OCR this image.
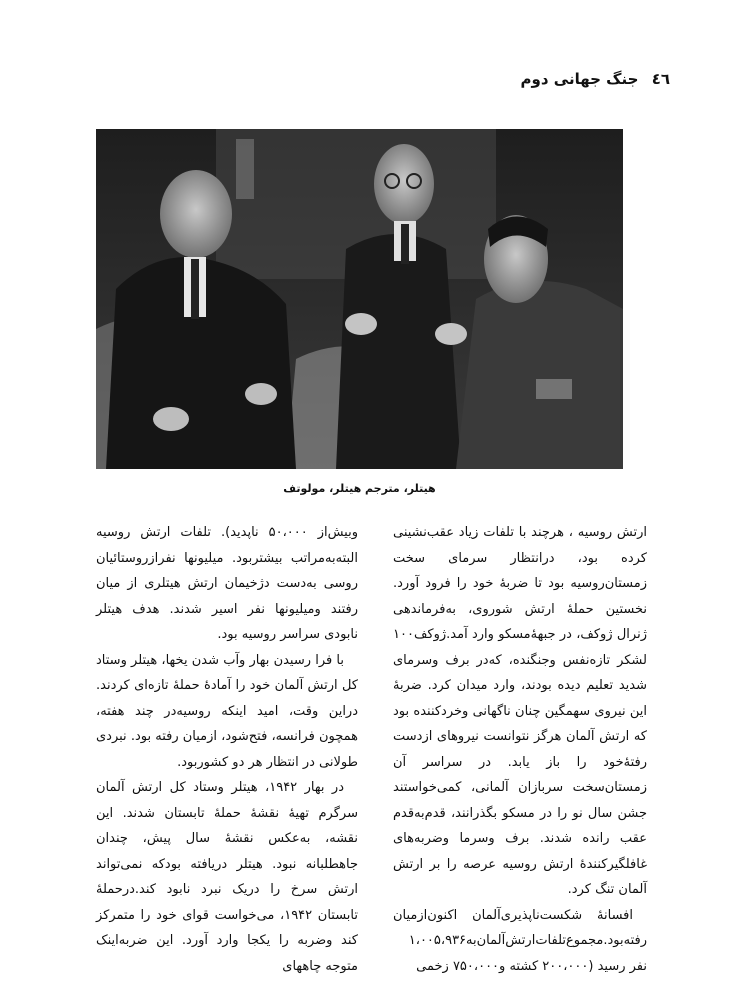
٤٦ جنگ جهانی دوم
هیتلر، مترجم هیتلر، مولوتف

ارتش روسیه ، هرچند با تلفات زیاد عقب‌نشینی کرده بود، درانتظار سرمای سخت زمستان‌روسیه بود تا ضربهٔ خود را فرود آورد. نخستین حملهٔ ارتش شوروی، به‌فرماندهی ژنرال ژوکف، در جبههٔ‌مسکو وارد آمد.ژوکف۱۰۰ لشکر تازه‌نفس وجنگنده، که‌در برف وسرمای شدید تعلیم دیده بودند، وارد میدان کرد. ضربهٔ این نیروی سهمگین چنان ناگهانی وخردکننده بود که ارتش آلمان هرگز نتوانست نیروهای ازدست رفتهٔ‌خود را باز یابد. در سراسر آن زمستان‌سخت سربازان آلمانی، کمی‌خواستند جشن سال نو را در مسکو بگذرانند، قدم‌به‌قدم عقب رانده شدند. برف وسرما وضربه‌های غافلگیرکنندهٔ ارتش روسیه عرصه را بر ارتش آلمان تنگ کرد.

افسانهٔ شکست‌ناپذیری‌آلمان اکنون‌ازمیان رفته‌بود.مجموع‌تلفات‌ارتش‌آلمان‌به۱،۰۰۵،۹۳۶ نفر رسید (۲۰۰،۰۰۰ کشته و۷۵۰،۰۰۰ زخمی

وبیش‌از ۵۰،۰۰۰ ناپدید). تلفات ارتش روسیه البته‌به‌مراتب بیشتربود. میلیونها نفرازروستائیان روسی به‌دست دژخیمان ارتش هیتلری از میان رفتند ومیلیونها نفر اسیر شدند. هدف هیتلر نابودی سراسر روسیه بود.

با فرا رسیدن بهار وآب شدن یخها، هیتلر وستاد کل ارتش آلمان خود را آمادهٔ حملهٔ تازه‌ای کردند. دراین وقت، امید اینکه روسیه‌در چند هفته، همچون فرانسه، فتح‌شود، ازمیان رفته بود. نبردی طولانی در انتظار هر دو کشوربود.

در بهار ۱۹۴۲، هیتلر وستاد کل ارتش آلمان سرگرم تهیهٔ نقشهٔ حملهٔ تابستان شدند. این نقشه، به‌عکس نقشهٔ سال پیش، چندان جاهطلبانه نبود. هیتلر دریافته بودکه نمی‌تواند ارتش سرخ را دریک نبرد نابود کند.درحملهٔ تابستان ۱۹۴۲، می‌خواست قوای خود را متمرکز کند وضربه را یکجا وارد آورد. این ضربه‌اینک متوجه چاههای
